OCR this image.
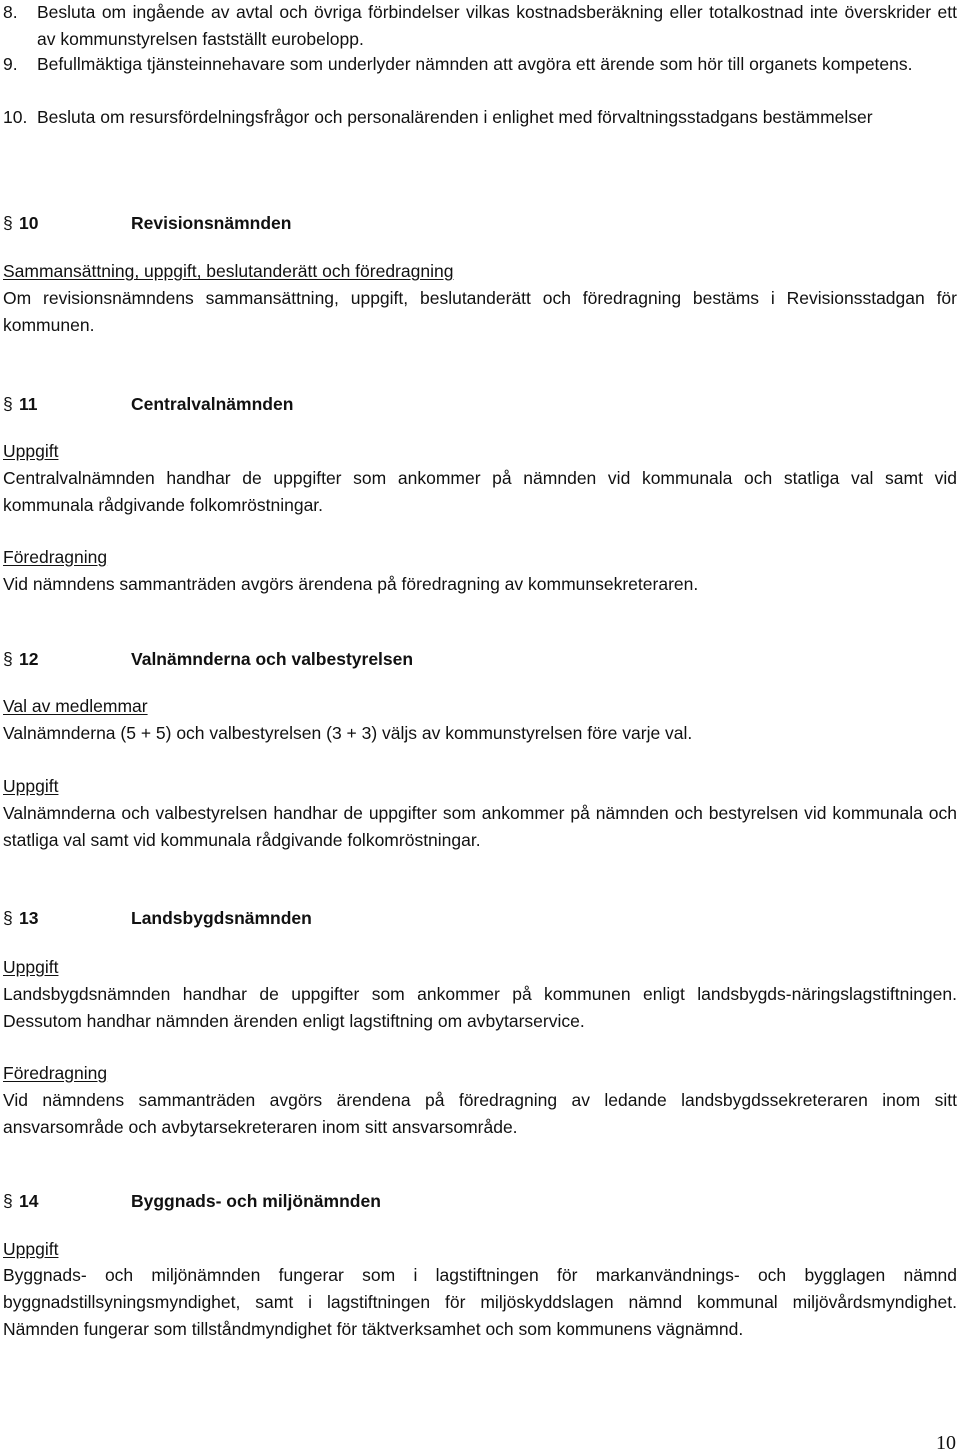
8. Besluta om ingående av avtal och övriga förbindelser vilkas kostnadsberäkning eller totalkostnad inte överskrider ett av kommunstyrelsen fastställt eurobelopp.
9. Befullmäktiga tjänsteinnehavare som underlyder nämnden att avgöra ett ärende som hör till organets kompetens.
10. Besluta om resursfördelningsfrågor och personalärenden i enlighet med förvaltningsstadgans bestämmelser
§ 10	Revisionsnämnden
Sammansättning, uppgift, beslutanderätt och föredragning
Om revisionsnämndens sammansättning, uppgift, beslutanderätt och föredragning bestäms i Revisionsstadgan för kommunen.
§ 11	Centralvalnämnden
Uppgift
Centralvalnämnden handhar de uppgifter som ankommer på nämnden vid kommunala och statliga val samt vid kommunala rådgivande folkomröstningar.
Föredragning
Vid nämndens sammanträden avgörs ärendena på föredragning av kommunsekreteraren.
§ 12	Valnämnderna och valbestyrelsen
Val av medlemmar
Valnämnderna (5 + 5) och valbestyrelsen (3 + 3) väljs av kommunstyrelsen före varje val.
Uppgift
Valnämnderna och valbestyrelsen handhar de uppgifter som ankommer på nämnden och bestyrelsen vid kommunala och statliga val samt vid kommunala rådgivande folkomröstningar.
§ 13	Landsbygdsnämnden
Uppgift
Landsbygdsnämnden handhar de uppgifter som ankommer på kommunen enligt landsbygds-näringslagstiftningen. Dessutom handhar nämnden ärenden enligt lagstiftning om avbytarservice.
Föredragning
Vid nämndens sammanträden avgörs ärendena på föredragning av ledande landsbygdssekreteraren inom sitt ansvarsområde och avbytarsekreteraren inom sitt ansvarsområde.
§ 14	Byggnads- och miljönämnden
Uppgift
Byggnads- och miljönämnden fungerar som i lagstiftningen för markanvändnings- och bygglagen nämnd byggnadstillsyningsmyndighet, samt i lagstiftningen för miljöskyddslagen nämnd kommunal miljövårdsmyndighet. Nämnden fungerar som tillståndmyndighet för täktverksamhet och som kommunens vägnämnd.
10
